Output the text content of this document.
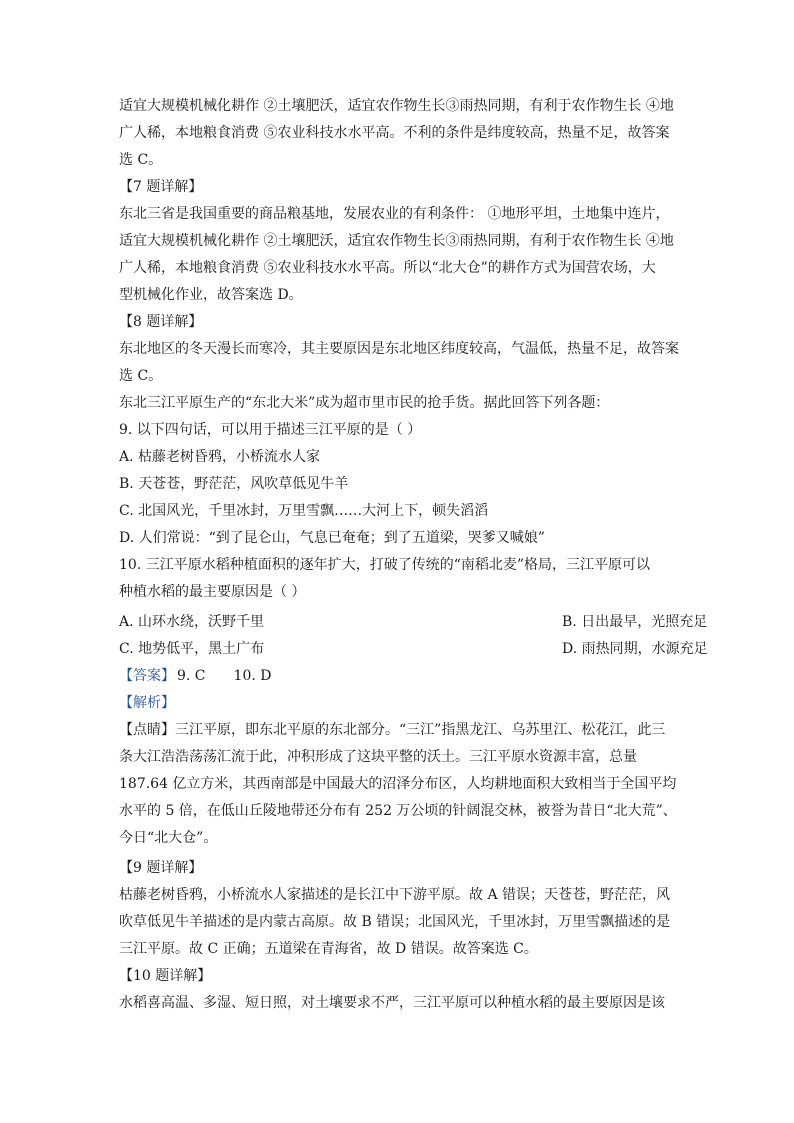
适宜大规模机械化耕作 ②土壤肥沃，适宜农作物生长③雨热同期，有利于农作物生长 ④地

广人稀，本地粮食消费 ⑤农业科技水水平高。不利的条件是纬度较高，热量不足，故答案

选 C。

【7 题详解】

东北三省是我国重要的商品粮基地，发展农业的有利条件： ①地形平坦，土地集中连片，

适宜大规模机械化耕作 ②土壤肥沃，适宜农作物生长③雨热同期，有利于农作物生长 ④地

广人稀，本地粮食消费 ⑤农业科技水水平高。所以“北大仓”的耕作方式为国营农场，大

型机械化作业，故答案选 D。

【8 题详解】

东北地区的冬天漫长而寒冷，其主要原因是东北地区纬度较高，气温低，热量不足，故答案

选 C。

东北三江平原生产的“东北大米”成为超市里市民的抢手货。据此回答下列各题：

9. 以下四句话，可以用于描述三江平原的是（ ）

A. 枯藤老树昏鸦，小桥流水人家

B. 天苍苍，野茫茫，风吹草低见牛羊

C. 北国风光，千里冰封，万里雪飘……大河上下，顿失滔滔

D. 人们常说：“到了昆仑山，气息已奄奄；到了五道梁，哭爹又喊娘”

10. 三江平原水稻种植面积的逐年扩大，打破了传统的“南稻北麦”格局，三江平原可以

种植水稻的最主要原因是（ ）

A. 山环水绕，沃野千里	B. 日出最早，光照充足

C. 地势低平，黑土广布	D. 雨热同期，水源充足

【答案】 9. C 10. D

【解析】

【点睛】三江平原，即东北平原的东北部分。“三江”指黑龙江、乌苏里江、松花江，此三

条大江浩浩荡荡汇流于此，冲积形成了这块平整的沃土。三江平原水资源丰富，总量

187.64 亿立方米，其西南部是中国最大的沼泽分布区，人均耕地面积大致相当于全国平均

水平的 5 倍，在低山丘陵地带还分布有 252 万公顷的针阔混交林，被誉为昔日“北大荒”、

今日“北大仓”。

【9 题详解】

枯藤老树昏鸦，小桥流水人家描述的是长江中下游平原。故 A 错误；天苍苍，野茫茫，风

吹草低见牛羊描述的是内蒙古高原。故 B 错误；北国风光，千里冰封，万里雪飘描述的是

三江平原。故 C 正确；五道梁在青海省，故 D 错误。故答案选 C。

【10 题详解】

水稻喜高温、多湿、短日照，对土壤要求不严，三江平原可以种植水稻的最主要原因是该
